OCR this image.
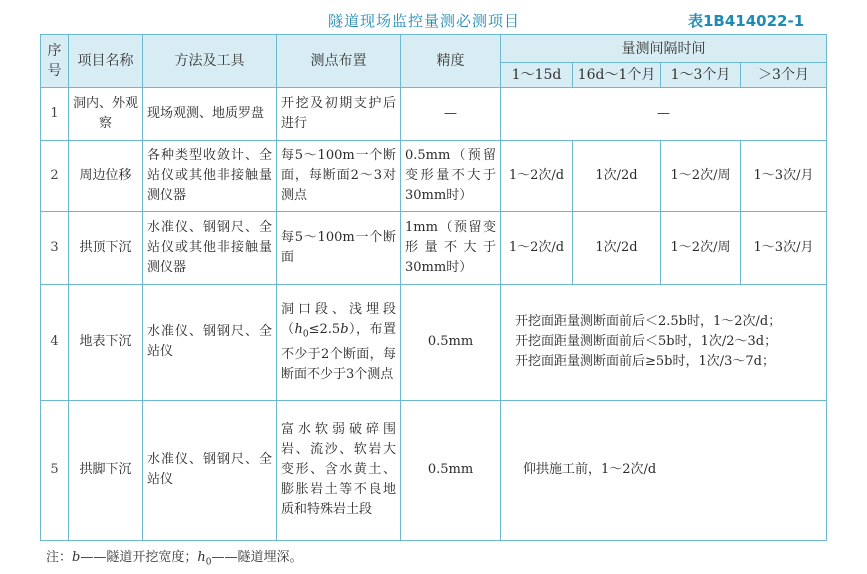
隧道现场监控量测必测项目	表1B414022-1
序号	项目名称	方法及工具	测点布置	精度	量测间隔时间			
					1～15d	16d～1个月	1～3个月	＞3个月
1	洞内、外观察	现场观测、地质罗盘	开挖及初期支护后进行	—	—			
2	周边位移	各种类型收敛计、全站仪或其他非接触量测仪器	每5～100m一个断面，每断面2～3对测点	0.5mm（预留变形量不大于30mm时）	1～2次/d	1次/2d	1～2次/周	1～3次/月
3	拱顶下沉	水准仪、钢钢尺、全站仪或其他非接触量测仪器	每5～100m一个断面	1mm（预留变形量不大于30mm时）	1～2次/d	1次/2d	1～2次/周	1～3次/月
4	地表下沉	水准仪、钢钢尺、全站仪	洞口段、浅埋段$(h_0\le 2.5b)$，布置不少于2个断面，每断面不少于3个测点	0.5mm	开挖面距量测断面前后＜2.5b时，1～2次/d；
开挖面距量测断面前后＜5b时，1次/2～3d；
开挖面距量测断面前后≥5b时，1次/3～7d；			

5	拱脚下沉	水准仪、钢钢尺、全站仪	富水软弱破碎围岩、流沙、软岩大变形、含水黄土、膨胀岩土等不良地质和特殊岩土段	0.5mm	仰拱施工前，1～2次/d			
注：b——隧道开挖宽度；$h_0——$隧道埋深。
